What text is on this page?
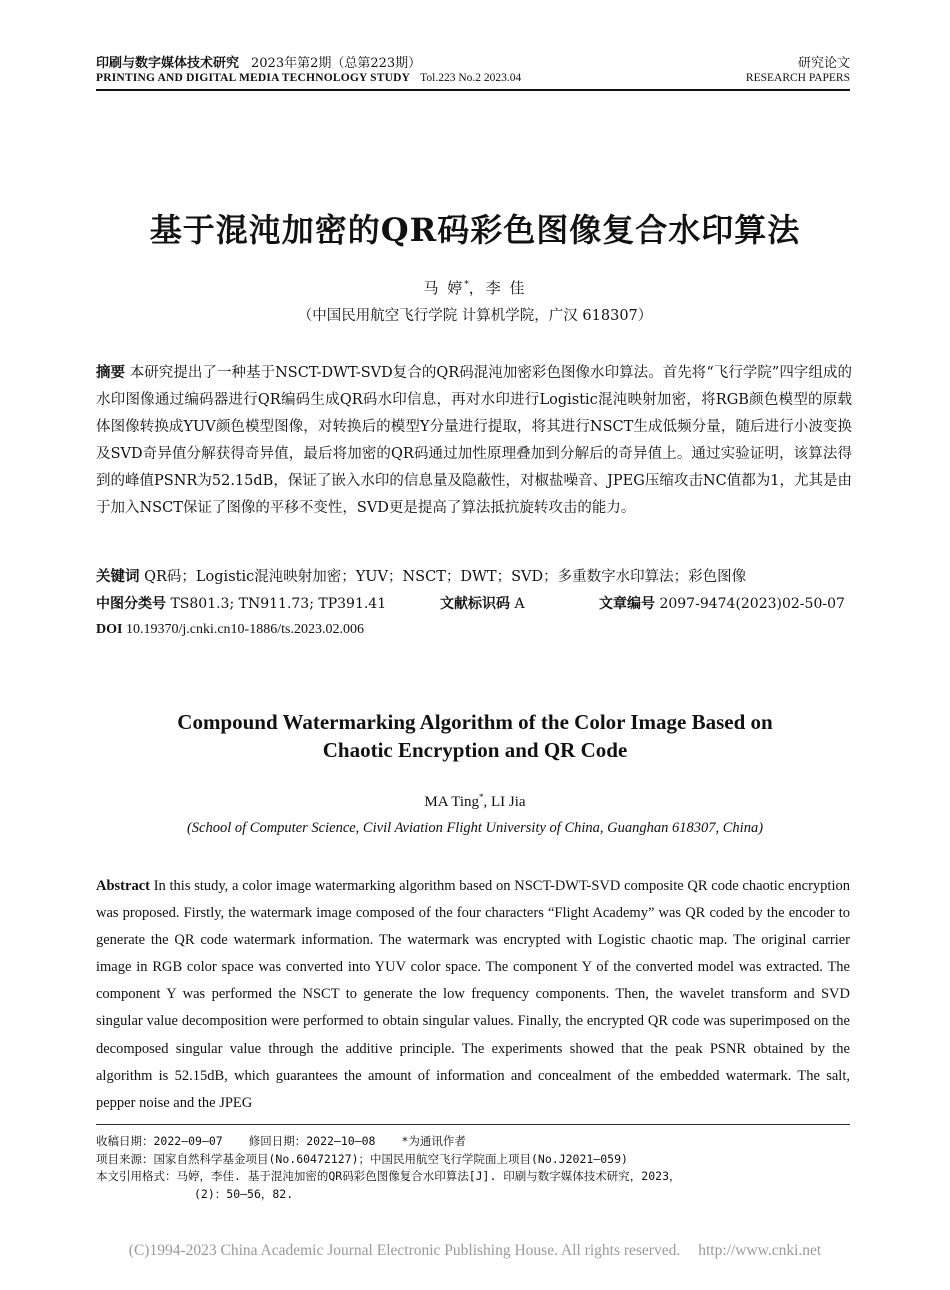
印刷与数字媒体技术研究 2023年第2期（总第223期）
PRINTING AND DIGITAL MEDIA TECHNOLOGY STUDY Tol.223 No.2 2023.04
研究论文
RESEARCH PAPERS
基于混沌加密的QR码彩色图像复合水印算法
马 婷*，李 佳
（中国民用航空飞行学院 计算机学院，广汉 618307）
摘要 本研究提出了一种基于NSCT-DWT-SVD复合的QR码混沌加密彩色图像水印算法。首先将“飞行学院”四字组成的水印图像通过编码器进行QR编码生成QR码水印信息，再对水印进行Logistic混沌映射加密，将RGB颜色模型的原载体图像转换成YUV颜色模型图像，对转换后的模型Y分量进行提取，将其进行NSCT生成低频分量，随后进行小波变换及SVD奇异值分解获得奇异值，最后将加密的QR码通过加性原理叠加到分解后的奇异值上。通过实验证明，该算法得到的峰值PSNR为52.15dB，保证了嵌入水印的信息量及隐蔽性，对椒盐噪音、JPEG压缩攻击NC值都为1，尤其是由于加入NSCT保证了图像的平移不变性，SVD更是提高了算法抵抗旋转攻击的能力。
关键词 QR码；Logistic混沌映射加密；YUV；NSCT；DWT；SVD；多重数字水印算法；彩色图像
中图分类号 TS801.3; TN911.73; TP391.41	文献标识码 A	文章编号 2097-9474(2023)02-50-07
DOI 10.19370/j.cnki.cn10-1886/ts.2023.02.006
Compound Watermarking Algorithm of the Color Image Based on
Chaotic Encryption and QR Code
MA Ting*, LI Jia
(School of Computer Science, Civil Aviation Flight University of China, Guanghan 618307, China)
Abstract In this study, a color image watermarking algorithm based on NSCT-DWT-SVD composite QR code chaotic encryption was proposed. Firstly, the watermark image composed of the four characters “Flight Academy” was QR coded by the encoder to generate the QR code watermark information. The watermark was encrypted with Logistic chaotic map. The original carrier image in RGB color space was converted into YUV color space. The component Y of the converted model was extracted. The component Y was performed the NSCT to generate the low frequency components. Then, the wavelet transform and SVD singular value decomposition were performed to obtain singular values. Finally, the encrypted QR code was superimposed on the decomposed singular value through the additive principle. The experiments showed that the peak PSNR obtained by the algorithm is 52.15dB, which guarantees the amount of information and concealment of the embedded watermark. The salt, pepper noise and the JPEG
收稿日期：2022—09—07 修回日期：2022—10—08 *为通讯作者
项目来源：国家自然科学基金项目(No.60472127)；中国民用航空飞行学院面上项目(No.J2021—059)
本文引用格式：马婷，李佳. 基于混沌加密的QR码彩色图像复合水印算法[J]. 印刷与数字媒体技术研究，2023，
(2)：50—56，82.
(C)1994-2023 China Academic Journal Electronic Publishing House. All rights reserved. http://www.cnki.net
